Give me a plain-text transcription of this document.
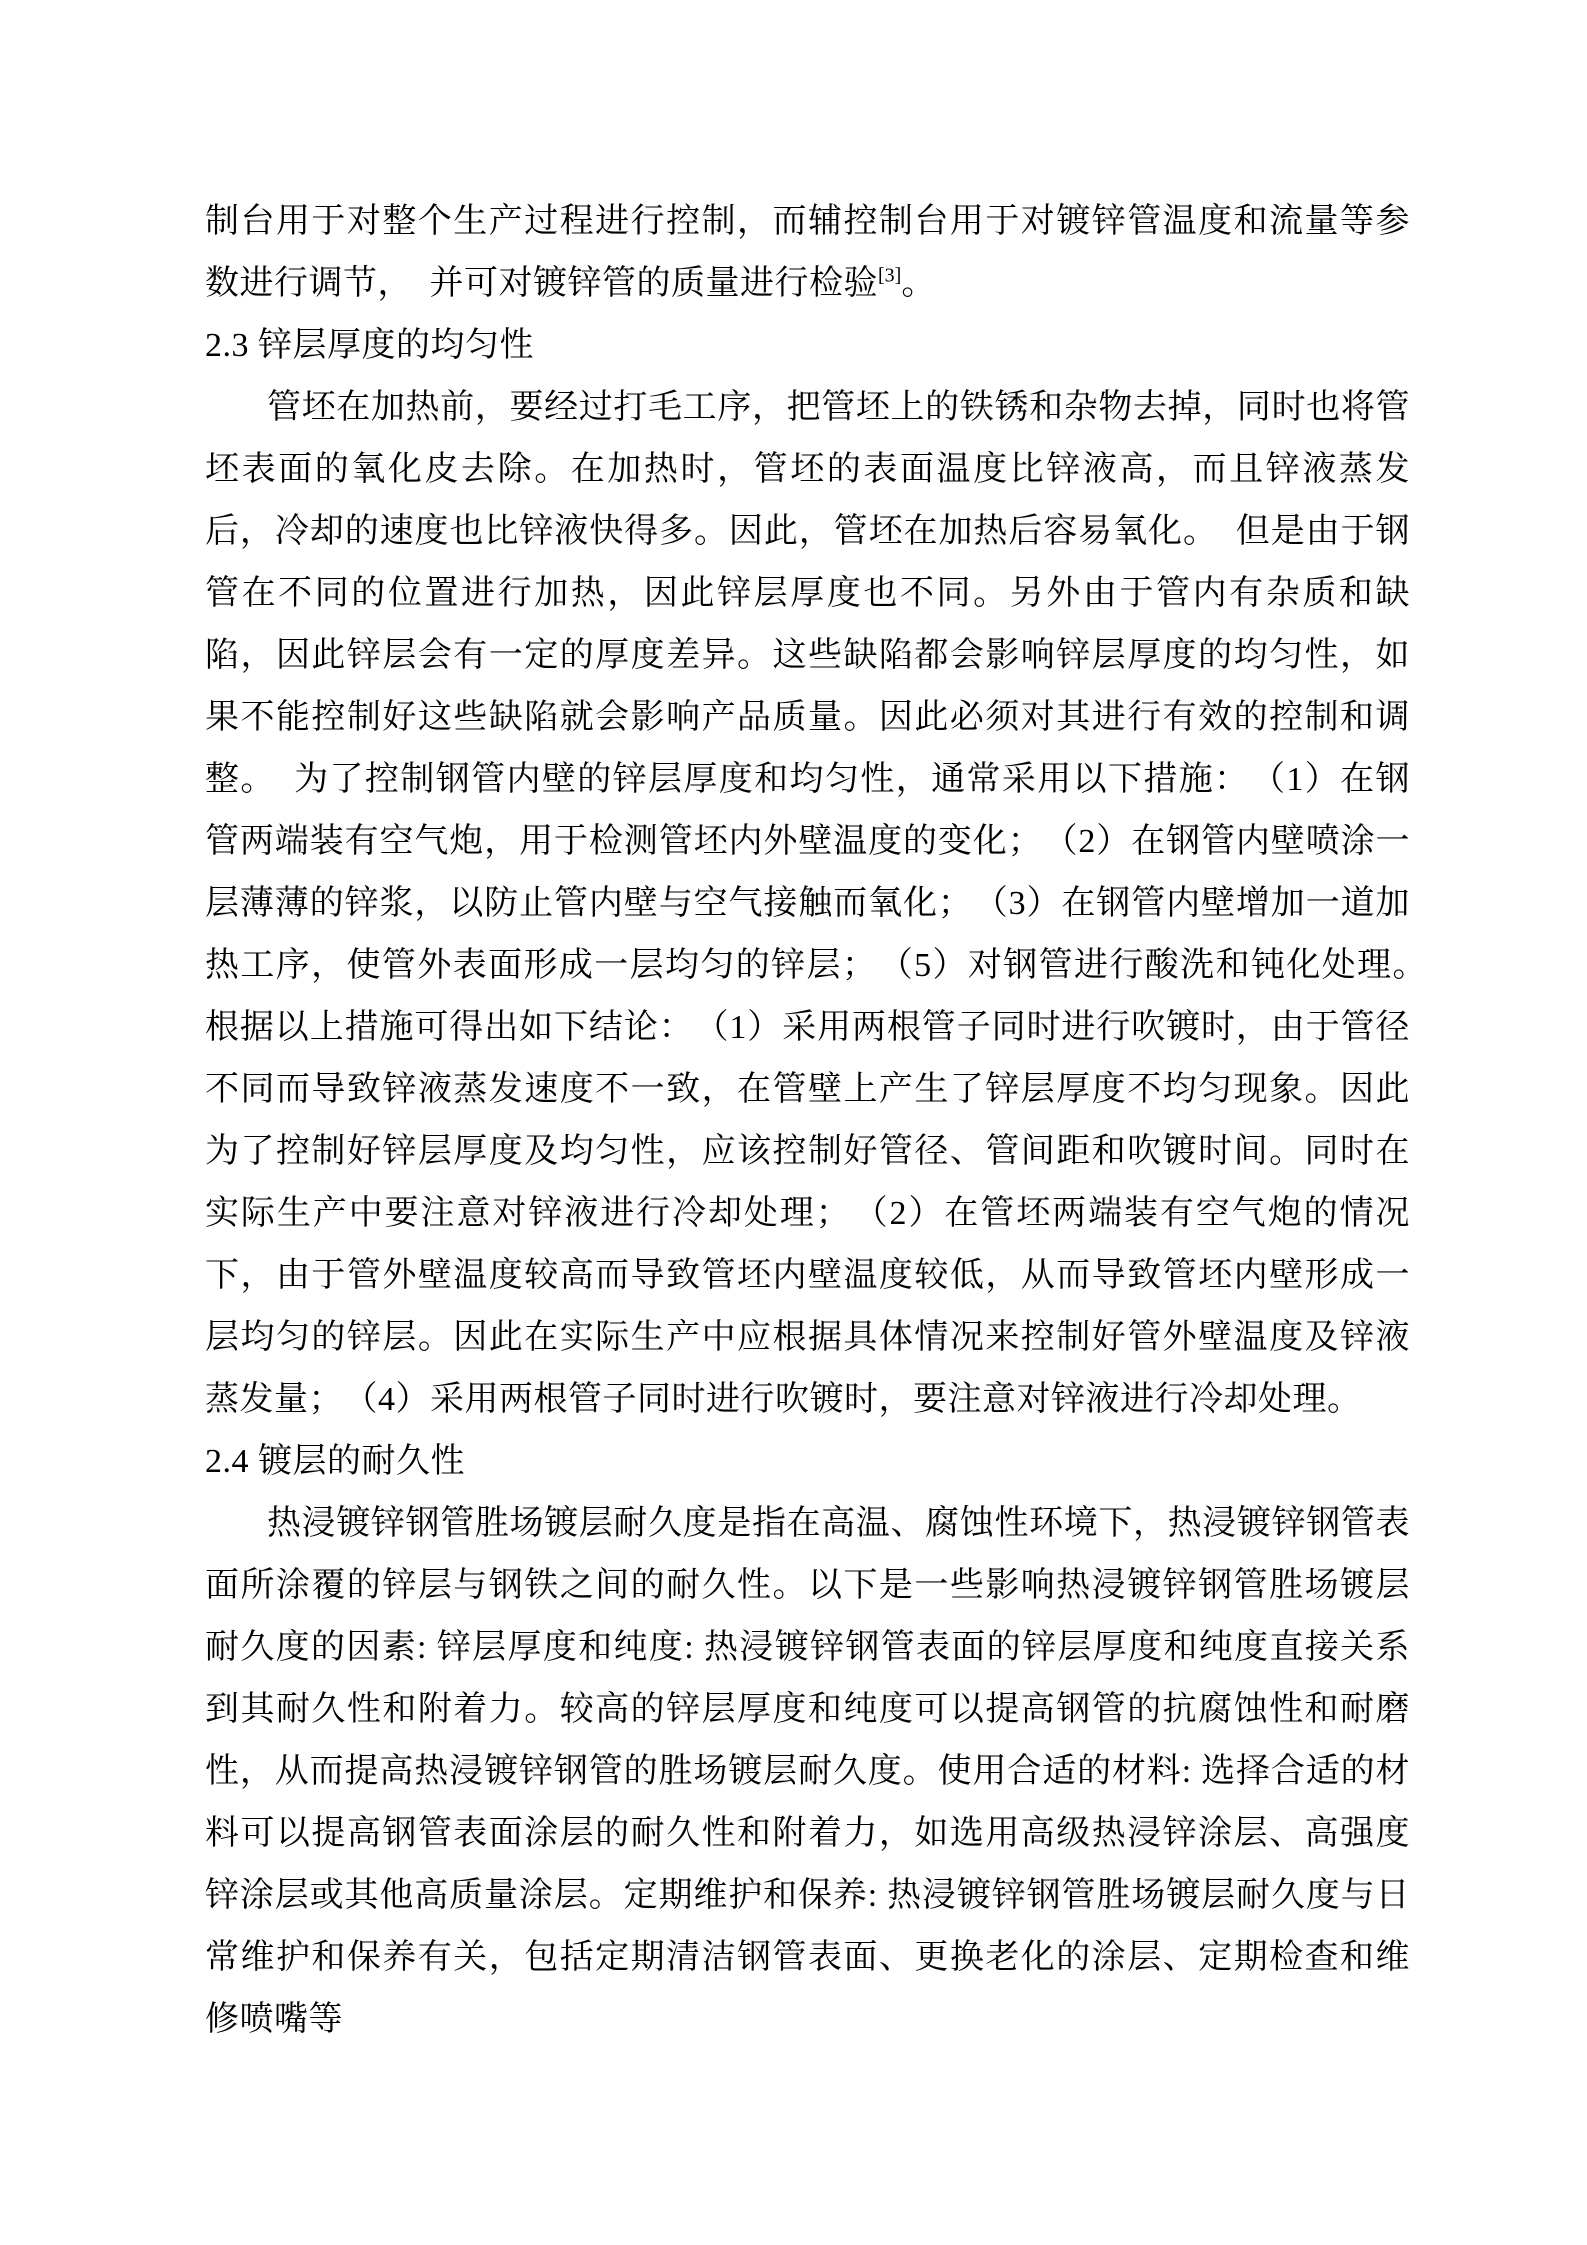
制台用于对整个生产过程进行控制，而辅控制台用于对镀锌管温度和流量等参数进行调节，　并可对镀锌管的质量进行检验[3]。

2.3 锌层厚度的均匀性

管坯在加热前，要经过打毛工序，把管坯上的铁锈和杂物去掉，同时也将管坯表面的氧化皮去除。在加热时，管坯的表面温度比锌液高，而且锌液蒸发后，冷却的速度也比锌液快得多。因此，管坯在加热后容易氧化。　但是由于钢管在不同的位置进行加热，因此锌层厚度也不同。另外由于管内有杂质和缺陷，因此锌层会有一定的厚度差异。这些缺陷都会影响锌层厚度的均匀性，如果不能控制好这些缺陷就会影响产品质量。因此必须对其进行有效的控制和调整。　为了控制钢管内壁的锌层厚度和均匀性，通常采用以下措施：　（1）在钢管两端装有空气炮，用于检测管坯内外壁温度的变化；　（2）在钢管内壁喷涂一层薄薄的锌浆，以防止管内壁与空气接触而氧化；　（3）在钢管内壁增加一道加热工序，使管外表面形成一层均匀的锌层；　（5）对钢管进行酸洗和钝化处理。　根据以上措施可得出如下结论：　（1）采用两根管子同时进行吹镀时，由于管径不同而导致锌液蒸发速度不一致，在管壁上产生了锌层厚度不均匀现象。因此为了控制好锌层厚度及均匀性，应该控制好管径、管间距和吹镀时间。同时在实际生产中要注意对锌液进行冷却处理；　（2）在管坯两端装有空气炮的情况下，由于管外壁温度较高而导致管坯内壁温度较低，从而导致管坯内壁形成一层均匀的锌层。因此在实际生产中应根据具体情况来控制好管外壁温度及锌液蒸发量；　（4）采用两根管子同时进行吹镀时，要注意对锌液进行冷却处理。

2.4 镀层的耐久性

热浸镀锌钢管胜场镀层耐久度是指在高温、腐蚀性环境下，热浸镀锌钢管表面所涂覆的锌层与钢铁之间的耐久性。以下是一些影响热浸镀锌钢管胜场镀层耐久度的因素: 锌层厚度和纯度: 热浸镀锌钢管表面的锌层厚度和纯度直接关系到其耐久性和附着力。较高的锌层厚度和纯度可以提高钢管的抗腐蚀性和耐磨性，从而提高热浸镀锌钢管的胜场镀层耐久度。使用合适的材料: 选择合适的材料可以提高钢管表面涂层的耐久性和附着力，如选用高级热浸锌涂层、高强度锌涂层或其他高质量涂层。定期维护和保养: 热浸镀锌钢管胜场镀层耐久度与日常维护和保养有关，包括定期清洁钢管表面、更换老化的涂层、定期检查和维修喷嘴等
